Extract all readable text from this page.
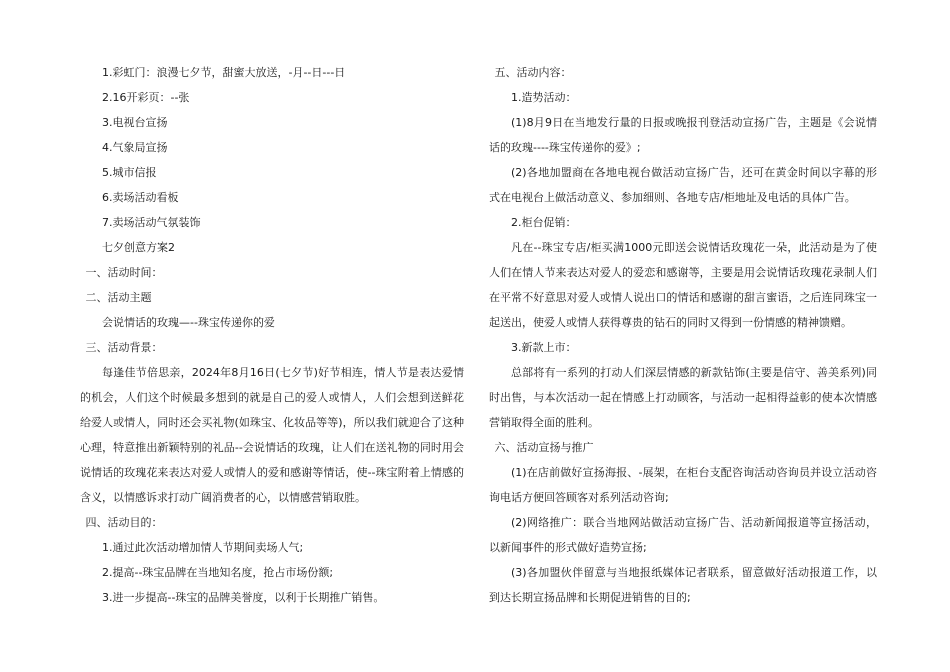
1.彩虹门：浪漫七夕节，甜蜜大放送，-月--日---日

2.16开彩页：--张

3.电视台宣扬

4.气象局宣扬

5.城市信报

6.卖场活动看板

7.卖场活动气氛装饰

七夕创意方案2

一、活动时间：

二、活动主题

会说情话的玫瑰—--珠宝传递你的爱

三、活动背景：

每逢佳节倍思亲，2024年8月16日(七夕节)好节相连，情人节是表达爱情的机会，人们这个时候最多想到的就是自己的爱人或情人，人们会想到送鲜花给爱人或情人，同时还会买礼物(如珠宝、化妆品等等)，所以我们就迎合了这种心理，特意推出新颖特别的礼品--会说情话的玫瑰，让人们在送礼物的同时用会说情话的玫瑰花来表达对爱人或情人的爱和感谢等情话，使--珠宝附着上情感的含义，以情感诉求打动广阔消费者的心，以情感营销取胜。

四、活动目的：

1.通过此次活动增加情人节期间卖场人气;

2.提高--珠宝品牌在当地知名度，抢占市场份额;

3.进一步提高--珠宝的品牌美誉度，以利于长期推广销售。

五、活动内容：

1.造势活动：

(1)8月9日在当地发行量的日报或晚报刊登活动宣扬广告，主题是《会说情话的玫瑰----珠宝传递你的爱》;

(2)各地加盟商在各地电视台做活动宣扬广告，还可在黄金时间以字幕的形式在电视台上做活动意义、参加细则、各地专店/柜地址及电话的具体广告。

2.柜台促销：

凡在--珠宝专店/柜买满1000元即送会说情话玫瑰花一朵，此活动是为了使人们在情人节来表达对爱人的爱恋和感谢等，主要是用会说情话玫瑰花录制人们在平常不好意思对爱人或情人说出口的情话和感谢的甜言蜜语，之后连同珠宝一起送出，使爱人或情人获得尊贵的钻石的同时又得到一份情感的精神馈赠。

3.新款上市：

总部将有一系列的打动人们深层情感的新款钻饰(主要是信守、善美系列)同时出售，与本次活动一起在情感上打动顾客，与活动一起相得益彰的使本次情感营销取得全面的胜利。

六、活动宣扬与推广

(1)在店前做好宣扬海报、-展架，在柜台支配咨询活动咨询员并设立活动咨询电话方便回答顾客对系列活动咨询;

(2)网络推广：联合当地网站做活动宣扬广告、活动新闻报道等宣扬活动，以新闻事件的形式做好造势宣扬;

(3)各加盟伙伴留意与当地报纸媒体记者联系，留意做好活动报道工作，以到达长期宣扬品牌和长期促进销售的目的;
